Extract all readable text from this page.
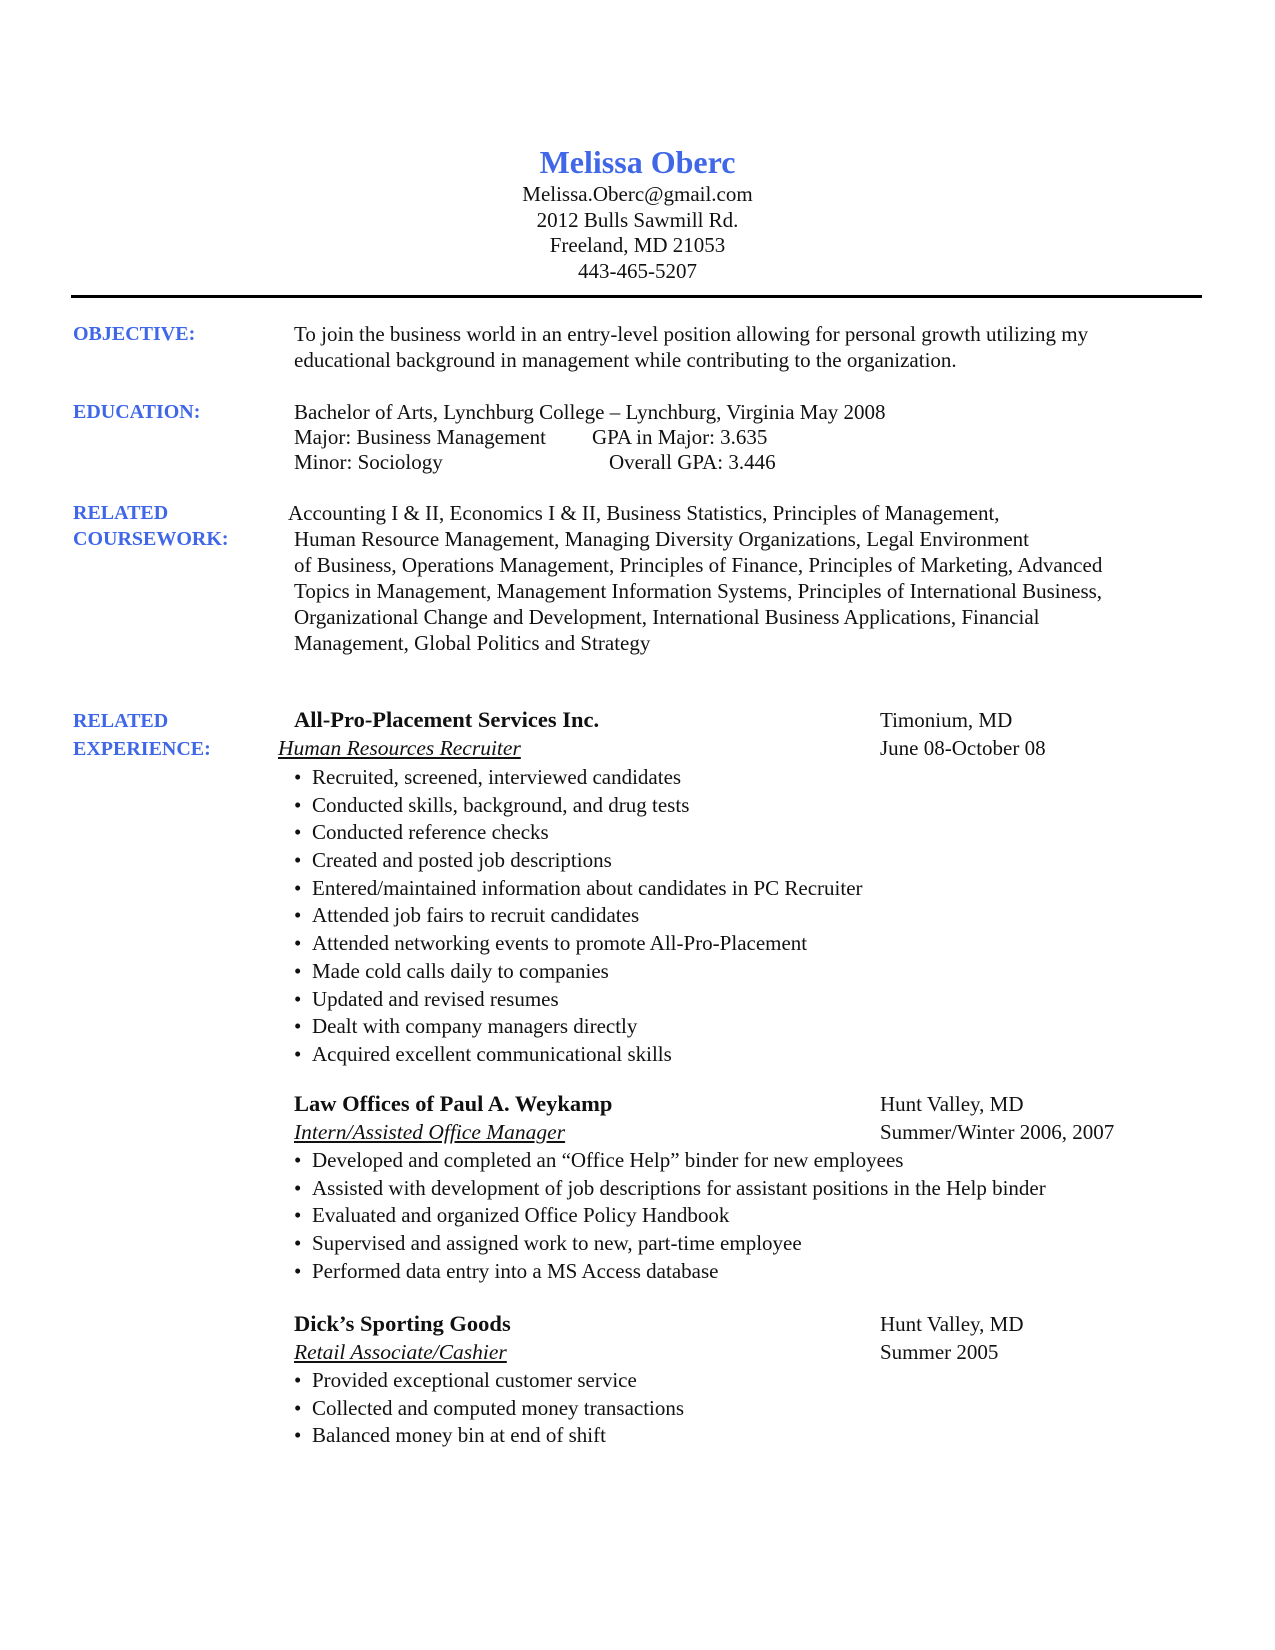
Melissa Oberc
Melissa.Oberc@gmail.com
2012 Bulls Sawmill Rd.
Freeland, MD 21053
443-465-5207
OBJECTIVE:	To join the business world in an entry-level position allowing for personal growth utilizing my
educational background in management while contributing to the organization.
EDUCATION:	Bachelor of Arts, Lynchburg College – Lynchburg, Virginia May 2008
Major: Business Management GPA in Major: 3.635
Minor: Sociology	Overall GPA: 3.446
RELATED
COURSEWORK:
Accounting I & II, Economics I & II, Business Statistics, Principles of Management,
Human Resource Management, Managing Diversity Organizations, Legal Environment
of Business, Operations Management, Principles of Finance, Principles of Marketing, Advanced
Topics in Management, Management Information Systems, Principles of International Business,
Organizational Change and Development, International Business Applications, Financial
Management, Global Politics and Strategy
RELATED
EXPERIENCE:
All-Pro-Placement Services Inc.	Timonium, MD
Human Resources Recruiter	June 08-October 08
• Recruited, screened, interviewed candidates
• Conducted skills, background, and drug tests
• Conducted reference checks
• Created and posted job descriptions
• Entered/maintained information about candidates in PC Recruiter
• Attended job fairs to recruit candidates
• Attended networking events to promote All-Pro-Placement
• Made cold calls daily to companies
• Updated and revised resumes
• Dealt with company managers directly
• Acquired excellent communicational skills
Law Offices of Paul A. Weykamp	Hunt Valley, MD
Intern/Assisted Office Manager	Summer/Winter 2006, 2007
• Developed and completed an “Office Help” binder for new employees
• Assisted with development of job descriptions for assistant positions in the Help binder
• Evaluated and organized Office Policy Handbook
• Supervised and assigned work to new, part-time employee
• Performed data entry into a MS Access database
Dick’s Sporting Goods	Hunt Valley, MD
Retail Associate/Cashier	Summer 2005
• Provided exceptional customer service
• Collected and computed money transactions
• Balanced money bin at end of shift
